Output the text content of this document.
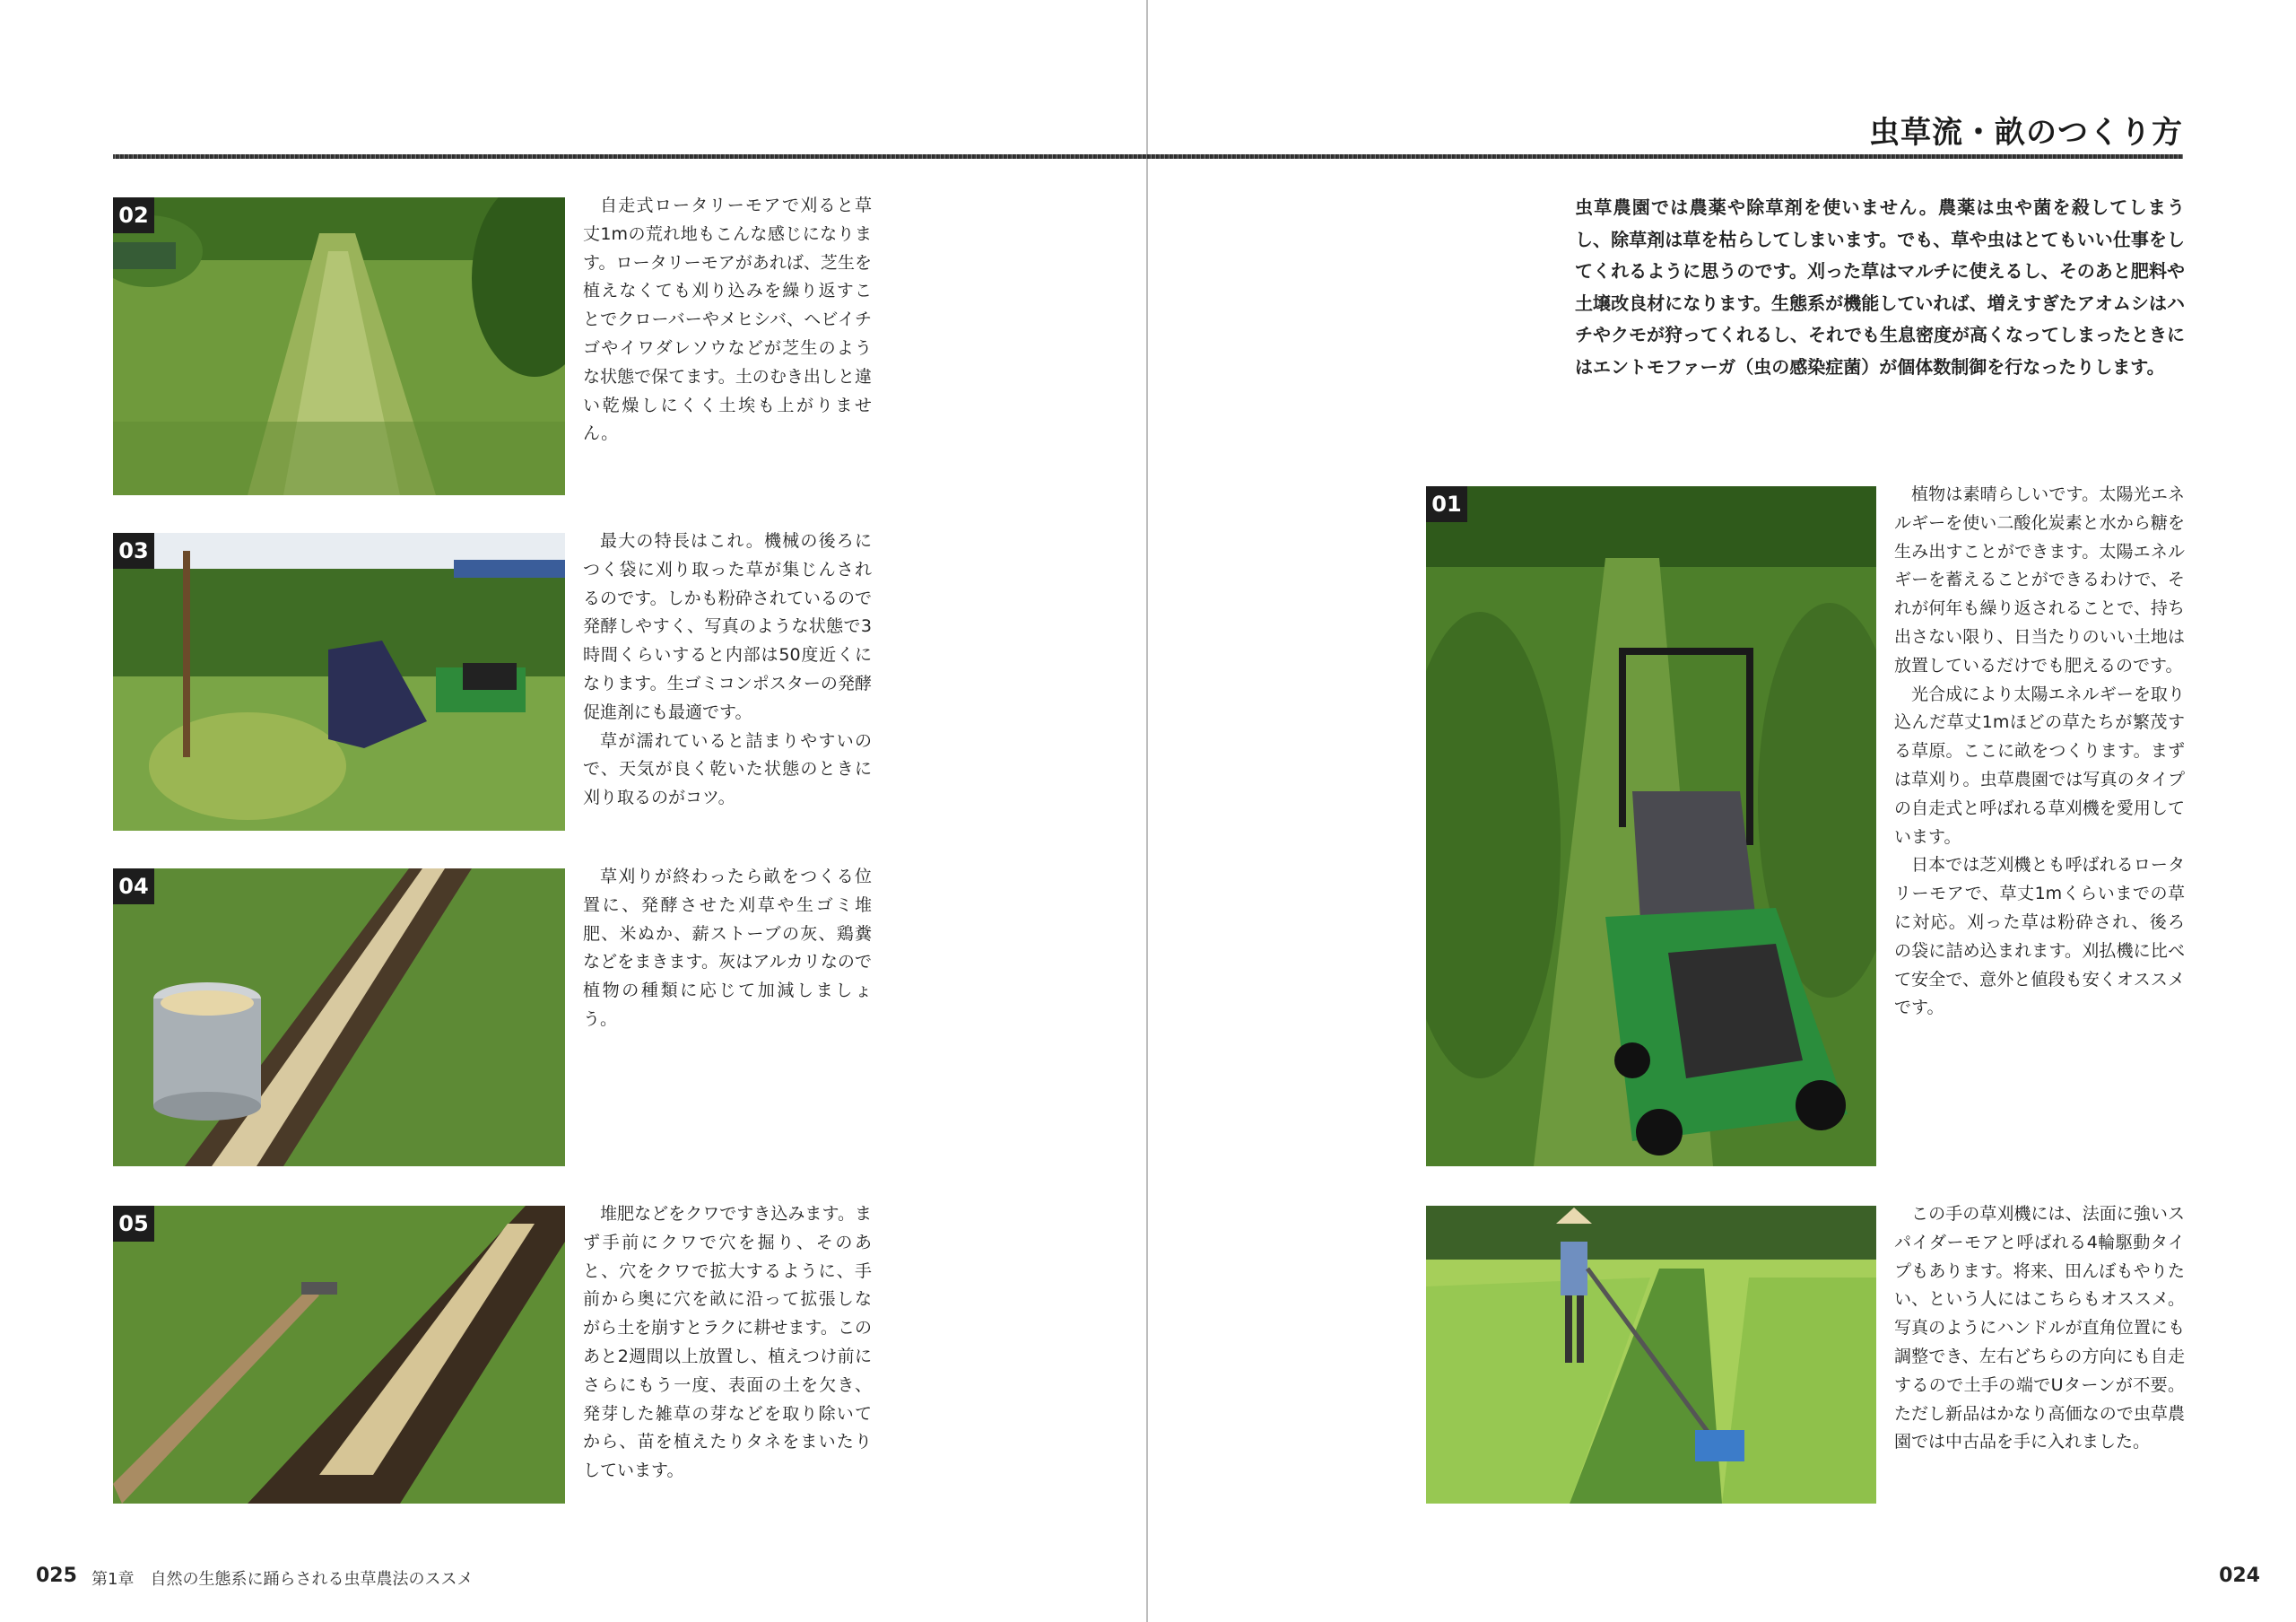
虫草流・畝のつくり方
虫草農園では農薬や除草剤を使いません。農薬は虫や菌を殺してしまうし、除草剤は草を枯らしてしまいます。でも、草や虫はとてもいい仕事をしてくれるように思うのです。刈った草はマルチに使えるし、そのあと肥料や土壌改良材になります。生態系が機能していれば、増えすぎたアオムシはハチやクモが狩ってくれるし、それでも生息密度が高くなってしまったときにはエントモファーガ（虫の感染症菌）が個体数制御を行なったりします。
02	自走式ロータリーモアで刈ると草丈1mの荒れ地もこんな感じになります。ロータリーモアがあれば、芝生を植えなくても刈り込みを繰り返すことでクローバーやメヒシバ、ヘビイチゴやイワダレソウなどが芝生のような状態で保てます。土のむき出しと違い乾燥しにくく土埃も上がりません。

03	最大の特長はこれ。機械の後ろにつく袋に刈り取った草が集じんされるのです。しかも粉砕されているので発酵しやすく、写真のような状態で3時間くらいすると内部は50度近くになります。生ゴミコンポスターの発酵促進剤にも最適です。

草が濡れていると詰まりやすいので、天気が良く乾いた状態のときに刈り取るのがコツ。

04	草刈りが終わったら畝をつくる位置に、発酵させた刈草や生ゴミ堆肥、米ぬか、薪ストーブの灰、鶏糞などをまきます。灰はアルカリなので植物の種類に応じて加減しましょう。

05	堆肥などをクワですき込みます。まず手前にクワで穴を掘り、そのあと、穴をクワで拡大するように、手前から奥に穴を畝に沿って拡張しながら土を崩すとラクに耕せます。このあと2週間以上放置し、植えつけ前にさらにもう一度、表面の土を欠き、発芽した雑草の芽などを取り除いてから、苗を植えたりタネをまいたりしています。

01	植物は素晴らしいです。太陽光エネルギーを使い二酸化炭素と水から糖を生み出すことができます。太陽エネルギーを蓄えることができるわけで、それが何年も繰り返されることで、持ち出さない限り、日当たりのいい土地は放置しているだけでも肥えるのです。

光合成により太陽エネルギーを取り込んだ草丈1mほどの草たちが繁茂する草原。ここに畝をつくります。まずは草刈り。虫草農園では写真のタイプの自走式と呼ばれる草刈機を愛用しています。

日本では芝刈機とも呼ばれるロータリーモアで、草丈1mくらいまでの草に対応。刈った草は粉砕され、後ろの袋に詰め込まれます。刈払機に比べて安全で、意外と値段も安くオススメです。

この手の草刈機には、法面に強いスパイダーモアと呼ばれる4輪駆動タイプもあります。将来、田んぼもやりたい、という人にはこちらもオススメ。写真のようにハンドルが直角位置にも調整でき、左右どちらの方向にも自走するので土手の端でUターンが不要。ただし新品はかなり高価なので虫草農園では中古品を手に入れました。

025 第1章　自然の生態系に踊らされる虫草農法のススメ	024
